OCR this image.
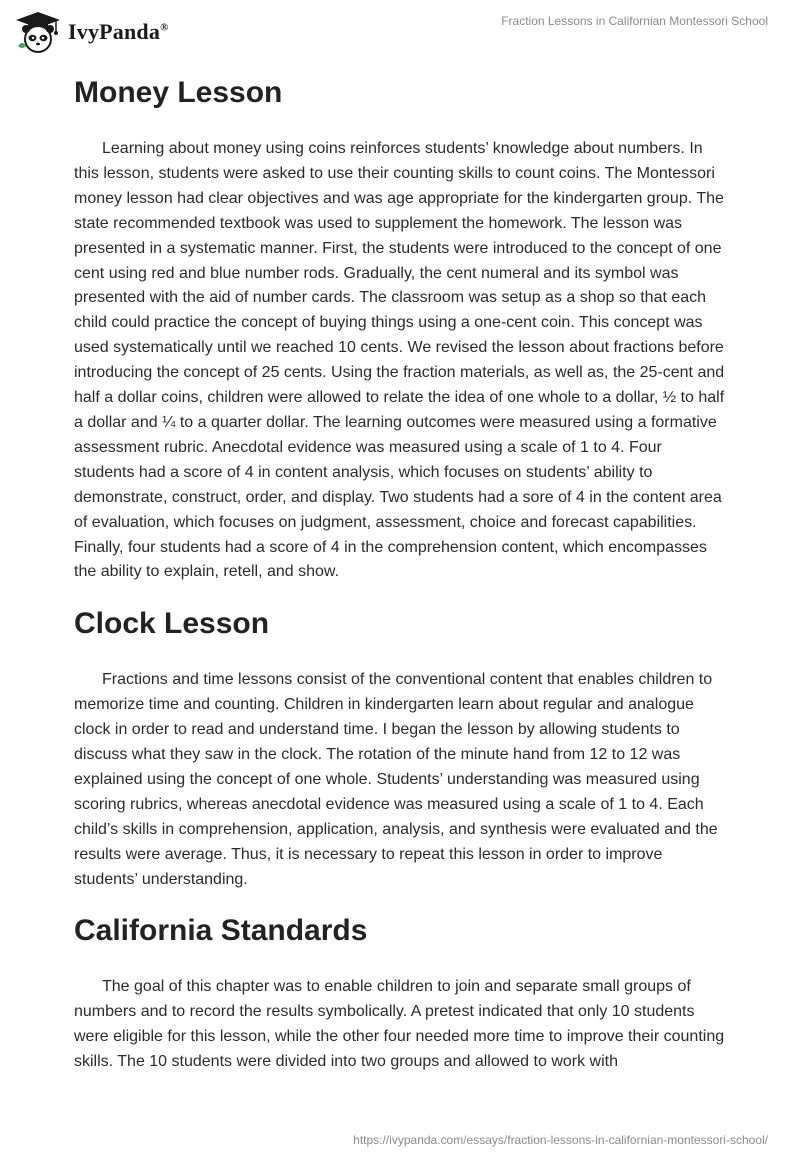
IvyPanda®	Fraction Lessons in Californian Montessori School
Money Lesson

Learning about money using coins reinforces students’ knowledge about numbers. In this lesson, students were asked to use their counting skills to count coins. The Montessori money lesson had clear objectives and was age appropriate for the kindergarten group. The state recommended textbook was used to supplement the homework. The lesson was presented in a systematic manner. First, the students were introduced to the concept of one cent using red and blue number rods. Gradually, the cent numeral and its symbol was presented with the aid of number cards. The classroom was setup as a shop so that each child could practice the concept of buying things using a one-cent coin. This concept was used systematically until we reached 10 cents. We revised the lesson about fractions before introducing the concept of 25 cents. Using the fraction materials, as well as, the 25-cent and half a dollar coins, children were allowed to relate the idea of one whole to a dollar, ½ to half a dollar and ¼ to a quarter dollar. The learning outcomes were measured using a formative assessment rubric. Anecdotal evidence was measured using a scale of 1 to 4. Four students had a score of 4 in content analysis, which focuses on students’ ability to demonstrate, construct, order, and display. Two students had a sore of 4 in the content area of evaluation, which focuses on judgment, assessment, choice and forecast capabilities. Finally, four students had a score of 4 in the comprehension content, which encompasses the ability to explain, retell, and show.

Clock Lesson

Fractions and time lessons consist of the conventional content that enables children to memorize time and counting. Children in kindergarten learn about regular and analogue clock in order to read and understand time. I began the lesson by allowing students to discuss what they saw in the clock. The rotation of the minute hand from 12 to 12 was explained using the concept of one whole. Students’ understanding was measured using scoring rubrics, whereas anecdotal evidence was measured using a scale of 1 to 4. Each child’s skills in comprehension, application, analysis, and synthesis were evaluated and the results were average. Thus, it is necessary to repeat this lesson in order to improve students’ understanding.

California Standards

The goal of this chapter was to enable children to join and separate small groups of numbers and to record the results symbolically. A pretest indicated that only 10 students were eligible for this lesson, while the other four needed more time to improve their counting skills. The 10 students were divided into two groups and allowed to work with

https://ivypanda.com/essays/fraction-lessons-in-californian-montessori-school/
